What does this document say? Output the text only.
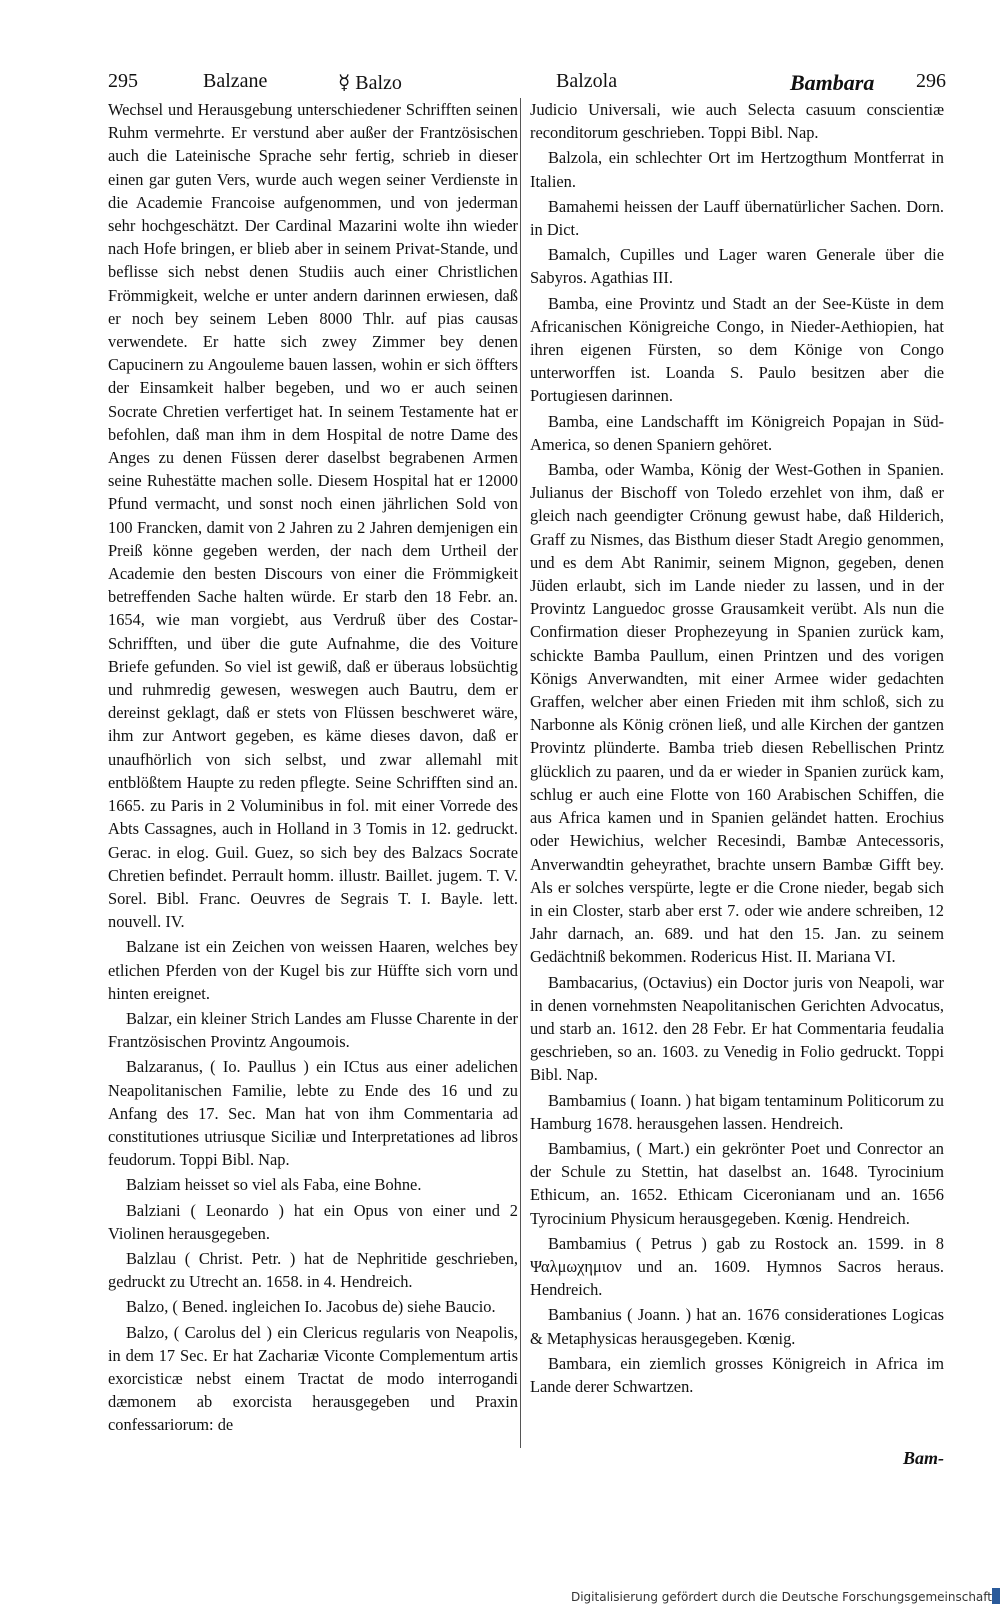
295	Balzane	☿ Balzo	Balzola	Bambara 296

Wechsel und Herausgebung unterschiedener Schrifften seinen Ruhm vermehrte. Er verstund aber außer der Frantzösischen auch die Lateinische Sprache sehr fertig, schrieb in dieser einen gar guten Vers, wurde auch wegen seiner Verdienste in die Academie Francoise aufgenommen, und von jederman sehr hochgeschätzt. Der Cardinal Mazarini wolte ihn wieder nach Hofe bringen, er blieb aber in seinem Privat-Stande, und beflisse sich nebst denen Studiis auch einer Christlichen Frömmigkeit, welche er unter andern darinnen erwiesen, daß er noch bey seinem Leben 8000 Thlr. auf pias causas verwendete. Er hatte sich zwey Zimmer bey denen Capucinern zu Angouleme bauen lassen, wohin er sich öffters der Einsamkeit halber begeben, und wo er auch seinen Socrate Chretien verfertiget hat. In seinem Testamente hat er befohlen, daß man ihm in dem Hospital de notre Dame des Anges zu denen Füssen derer daselbst begrabenen Armen seine Ruhestätte machen solle. Diesem Hospital hat er 12000 Pfund vermacht, und sonst noch einen jährlichen Sold von 100 Francken, damit von 2 Jahren zu 2 Jahren demjenigen ein Preiß könne gegeben werden, der nach dem Urtheil der Academie den besten Discours von einer die Frömmigkeit betreffenden Sache halten würde. Er starb den 18 Febr. an. 1654, wie man vorgiebt, aus Verdruß über des Costar-Schrifften, und über die gute Aufnahme, die des Voiture Briefe gefunden. So viel ist gewiß, daß er überaus lobsüchtig und ruhmredig gewesen, weswegen auch Bautru, dem er dereinst geklagt, daß er stets von Flüssen beschweret wäre, ihm zur Antwort gegeben, es käme dieses davon, daß er unaufhörlich von sich selbst, und zwar allemahl mit entblößtem Haupte zu reden pflegte. Seine Schrifften sind an. 1665. zu Paris in 2 Voluminibus in fol. mit einer Vorrede des Abts Cassagnes, auch in Holland in 3 Tomis in 12. gedruckt. Gerac. in elog. Guil. Guez, so sich bey des Balzacs Socrate Chretien befindet. Perrault homm. illustr. Baillet. jugem. T. V. Sorel. Bibl. Franc. Oeuvres de Segrais T. I. Bayle. lett. nouvell. IV.

Balzane ist ein Zeichen von weissen Haaren, welches bey etlichen Pferden von der Kugel bis zur Hüffte sich vorn und hinten ereignet.

Balzar, ein kleiner Strich Landes am Flusse Charente in der Frantzösischen Provintz Angoumois.

Balzaranus, ( Io. Paullus ) ein ICtus aus einer adelichen Neapolitanischen Familie, lebte zu Ende des 16 und zu Anfang des 17. Sec. Man hat von ihm Commentaria ad constitutiones utriusque Siciliæ und Interpretationes ad libros feudorum. Toppi Bibl. Nap.

Balziam heisset so viel als Faba, eine Bohne.

Balziani ( Leonardo ) hat ein Opus von einer und 2 Violinen herausgegeben.

Balzlau ( Christ. Petr. ) hat de Nephritide geschrieben, gedruckt zu Utrecht an. 1658. in 4. Hendreich.

Balzo, ( Bened. ingleichen Io. Jacobus de) siehe Baucio.

Balzo, ( Carolus del ) ein Clericus regularis von Neapolis, in dem 17 Sec. Er hat Zachariæ Viconte Complementum artis exorcisticæ nebst einem Tractat de modo interrogandi dæmonem ab exorcista herausgegeben und Praxin confessariorum: de

Judicio Universali, wie auch Selecta casuum conscientiæ reconditorum geschrieben. Toppi Bibl. Nap.

Balzola, ein schlechter Ort im Hertzogthum Montferrat in Italien.

Bamahemi heissen der Lauff übernatürlicher Sachen. Dorn. in Dict.

Bamalch, Cupilles und Lager waren Generale über die Sabyros. Agathias III.

Bamba, eine Provintz und Stadt an der See-Küste in dem Africanischen Königreiche Congo, in Nieder-Aethiopien, hat ihren eigenen Fürsten, so dem Könige von Congo unterworffen ist. Loanda S. Paulo besitzen aber die Portugiesen darinnen.

Bamba, eine Landschafft im Königreich Popajan in Süd-America, so denen Spaniern gehöret.

Bamba, oder Wamba, König der West-Gothen in Spanien. Julianus der Bischoff von Toledo erzehlet von ihm, daß er gleich nach geendigter Crönung gewust habe, daß Hilderich, Graff zu Nismes, das Bisthum dieser Stadt Aregio genommen, und es dem Abt Ranimir, seinem Mignon, gegeben, denen Jüden erlaubt, sich im Lande nieder zu lassen, und in der Provintz Languedoc grosse Grausamkeit verübt. Als nun die Confirmation dieser Prophezeyung in Spanien zurück kam, schickte Bamba Paullum, einen Printzen und des vorigen Königs Anverwandten, mit einer Armee wider gedachten Graffen, welcher aber einen Frieden mit ihm schloß, sich zu Narbonne als König crönen ließ, und alle Kirchen der gantzen Provintz plünderte. Bamba trieb diesen Rebellischen Printz glücklich zu paaren, und da er wieder in Spanien zurück kam, schlug er auch eine Flotte von 160 Arabischen Schiffen, die aus Africa kamen und in Spanien geländet hatten. Erochius oder Hewichius, welcher Recesindi, Bambæ Antecessoris, Anverwandtin geheyrathet, brachte unsern Bambæ Gifft bey. Als er solches verspürte, legte er die Crone nieder, begab sich in ein Closter, starb aber erst 7. oder wie andere schreiben, 12 Jahr darnach, an. 689. und hat den 15. Jan. zu seinem Gedächtniß bekommen. Rodericus Hist. II. Mariana VI.

Bambacarius, (Octavius) ein Doctor juris von Neapoli, war in denen vornehmsten Neapolitanischen Gerichten Advocatus, und starb an. 1612. den 28 Febr. Er hat Commentaria feudalia geschrieben, so an. 1603. zu Venedig in Folio gedruckt. Toppi Bibl. Nap.

Bambamius ( Ioann. ) hat bigam tentaminum Politicorum zu Hamburg 1678. herausgehen lassen. Hendreich.

Bambamius, ( Mart.) ein gekrönter Poet und Conrector an der Schule zu Stettin, hat daselbst an. 1648. Tyrocinium Ethicum, an. 1652. Ethicam Ciceronianam und an. 1656 Tyrocinium Physicum herausgegeben. Kœnig. Hendreich.

Bambamius ( Petrus ) gab zu Rostock an. 1599. in 8 Ψαλμωχημιον und an. 1609. Hymnos Sacros heraus. Hendreich.

Bambanius ( Joann. ) hat an. 1676 considerationes Logicas & Metaphysicas herausgegeben. Kœnig.

Bambara, ein ziemlich grosses Königreich in Africa im Lande derer Schwartzen.

Bam-
Digitalisierung gefördert durch die Deutsche Forschungsgemeinschaft
